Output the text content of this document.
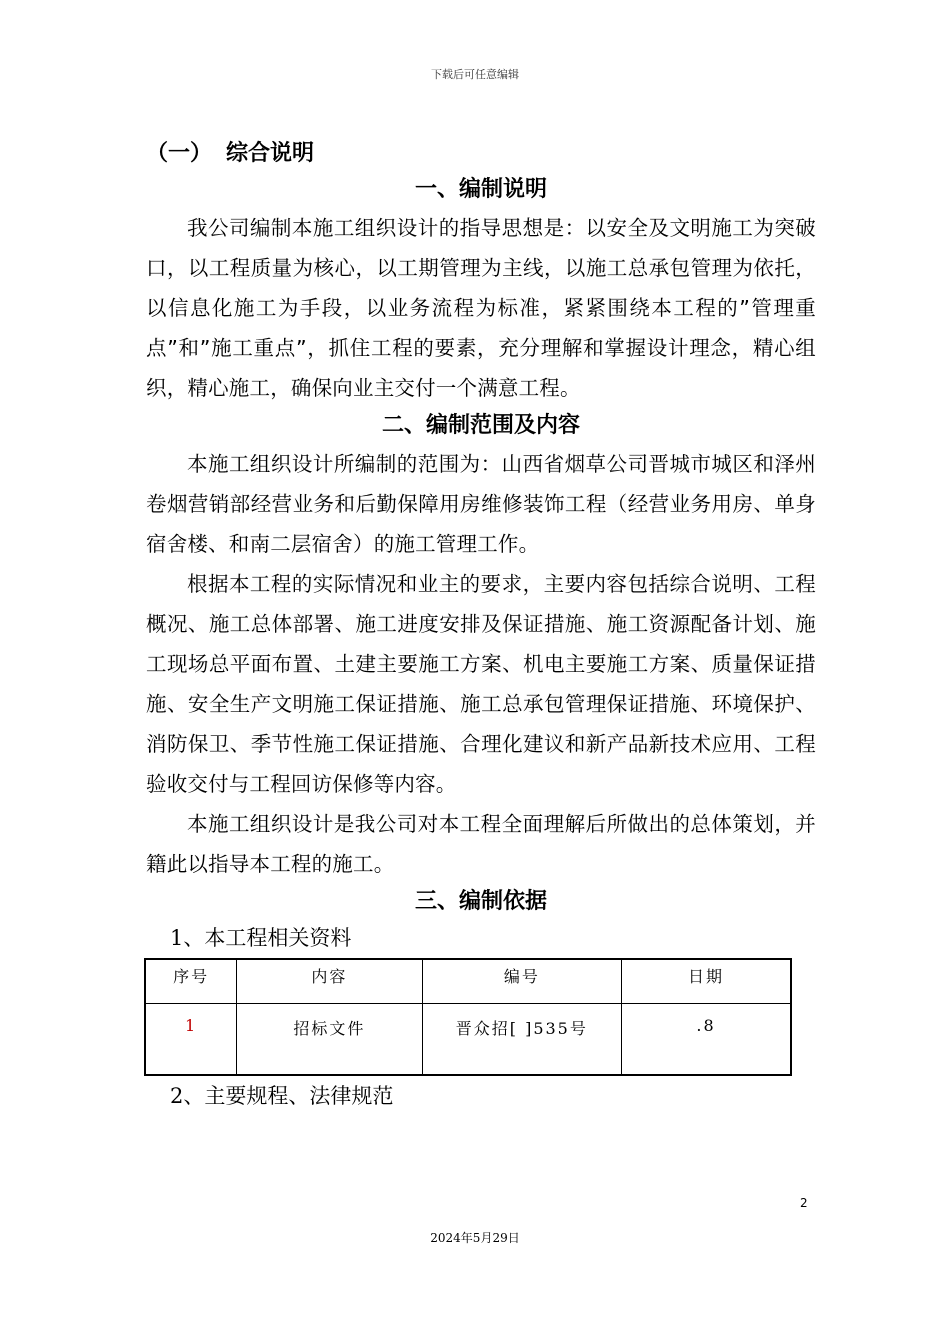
下载后可任意编辑
（一） 综合说明
一、编制说明

我公司编制本施工组织设计的指导思想是：以安全及文明施工为突破口，以工程质量为核心，以工期管理为主线，以施工总承包管理为依托，以信息化施工为手段，以业务流程为标准，紧紧围绕本工程的”管理重点”和”施工重点”，抓住工程的要素，充分理解和掌握设计理念，精心组织，精心施工，确保向业主交付一个满意工程。

二、编制范围及内容

本施工组织设计所编制的范围为：山西省烟草公司晋城市城区和泽州卷烟营销部经营业务和后勤保障用房维修装饰工程（经营业务用房、单身宿舍楼、和南二层宿舍）的施工管理工作。

根据本工程的实际情况和业主的要求，主要内容包括综合说明、工程概况、施工总体部署、施工进度安排及保证措施、施工资源配备计划、施工现场总平面布置、土建主要施工方案、机电主要施工方案、质量保证措施、安全生产文明施工保证措施、施工总承包管理保证措施、环境保护、消防保卫、季节性施工保证措施、合理化建议和新产品新技术应用、工程验收交付与工程回访保修等内容。

本施工组织设计是我公司对本工程全面理解后所做出的总体策划，并籍此以指导本工程的施工。

三、编制依据
1、本工程相关资料
序号	内容	编号	日期
1	招标文件	晋众招[ ]535号	.8
2、主要规程、法律规范
2
2024年5月29日
